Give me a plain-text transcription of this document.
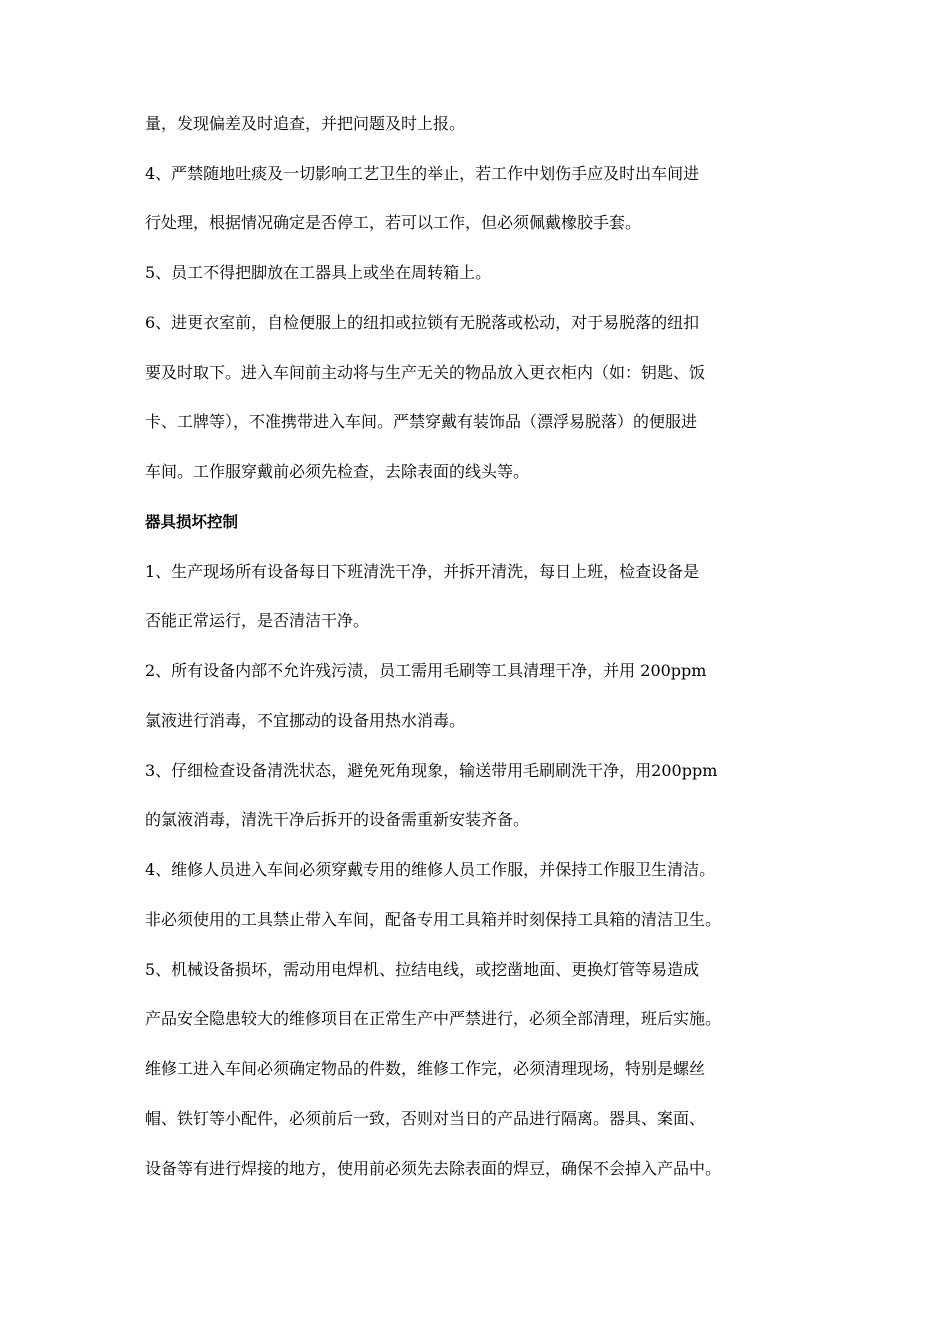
量，发现偏差及时追查，并把问题及时上报。
4、严禁随地吐痰及一切影响工艺卫生的举止，若工作中划伤手应及时出车间进
行处理，根据情况确定是否停工，若可以工作，但必须佩戴橡胶手套。
5、员工不得把脚放在工器具上或坐在周转箱上。
6、进更衣室前，自检便服上的纽扣或拉锁有无脱落或松动，对于易脱落的纽扣
要及时取下。进入车间前主动将与生产无关的物品放入更衣柜内（如：钥匙、饭
卡、工牌等），不准携带进入车间。严禁穿戴有装饰品（漂浮易脱落）的便服进
车间。工作服穿戴前必须先检查，去除表面的线头等。
器具损坏控制
1、生产现场所有设备每日下班清洗干净，并拆开清洗，每日上班，检查设备是
否能正常运行，是否清洁干净。
2、所有设备内部不允许残污渍，员工需用毛刷等工具清理干净，并用 200ppm
氯液进行消毒，不宜挪动的设备用热水消毒。
3、仔细检查设备清洗状态，避免死角现象，输送带用毛刷刷洗干净，用200ppm
的氯液消毒，清洗干净后拆开的设备需重新安装齐备。
4、维修人员进入车间必须穿戴专用的维修人员工作服，并保持工作服卫生清洁。
非必须使用的工具禁止带入车间，配备专用工具箱并时刻保持工具箱的清洁卫生。
5、机械设备损坏，需动用电焊机、拉结电线，或挖凿地面、更换灯管等易造成
产品安全隐患较大的维修项目在正常生产中严禁进行，必须全部清理，班后实施。
维修工进入车间必须确定物品的件数，维修工作完，必须清理现场，特别是螺丝
帽、铁钉等小配件，必须前后一致，否则对当日的产品进行隔离。器具、案面、
设备等有进行焊接的地方，使用前必须先去除表面的焊豆，确保不会掉入产品中。
